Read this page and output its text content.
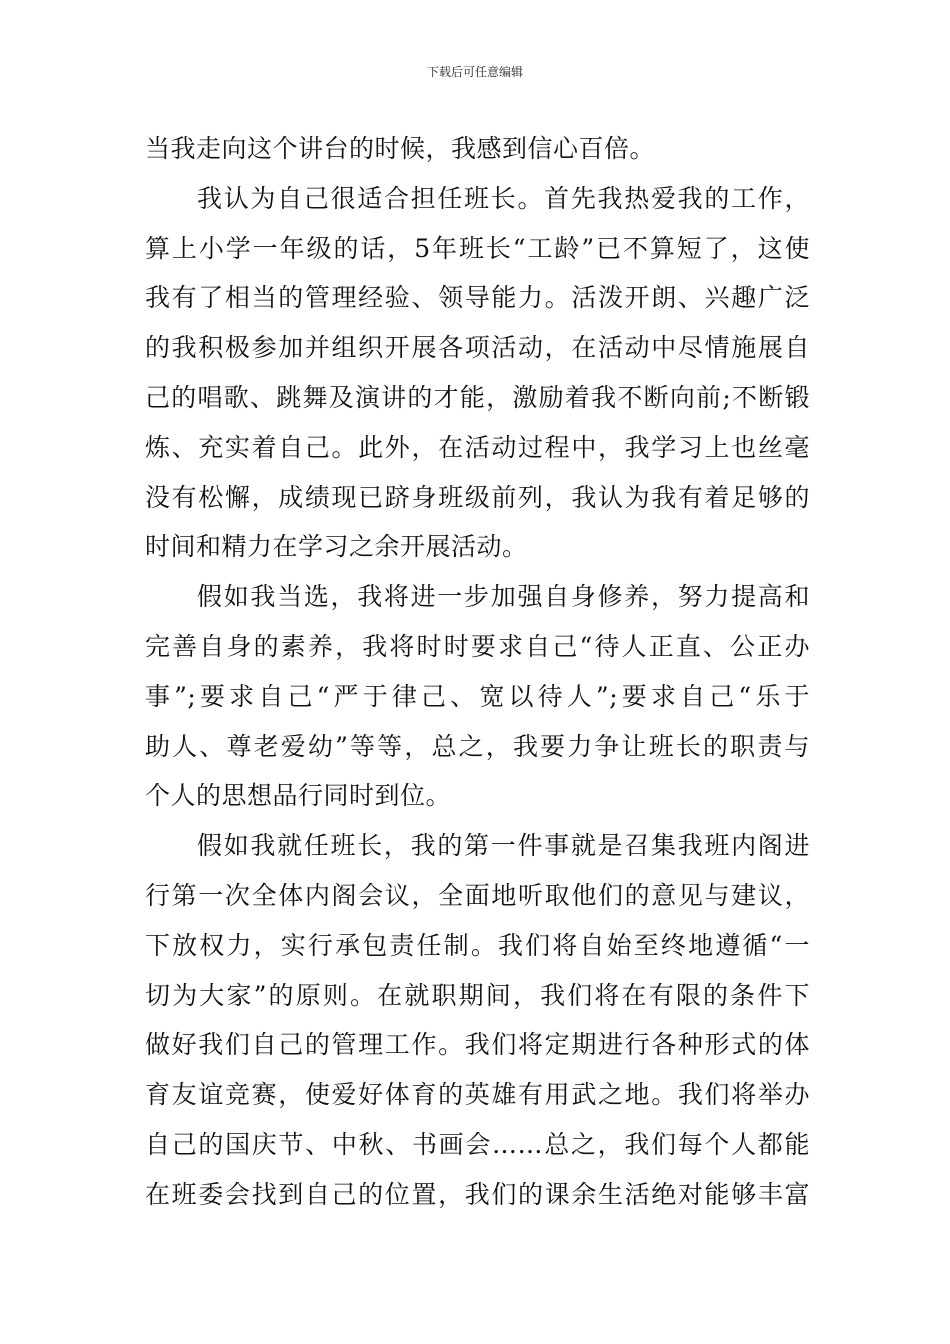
下载后可任意编辑
当我走向这个讲台的时候，我感到信心百倍。
我认为自己很适合担任班长。首先我热爱我的工作，
算上小学一年级的话，5年班长“工龄”已不算短了，这使
我有了相当的管理经验、领导能力。活泼开朗、兴趣广泛
的我积极参加并组织开展各项活动，在活动中尽情施展自
己的唱歌、跳舞及演讲的才能，激励着我不断向前;不断锻
炼、充实着自己。此外，在活动过程中，我学习上也丝毫
没有松懈，成绩现已跻身班级前列，我认为我有着足够的
时间和精力在学习之余开展活动。
假如我当选，我将进一步加强自身修养，努力提高和
完善自身的素养，我将时时要求自己“待人正直、公正办
事”;要求自己“严于律己、宽以待人”;要求自己“乐于
助人、尊老爱幼”等等，总之，我要力争让班长的职责与
个人的思想品行同时到位。
假如我就任班长，我的第一件事就是召集我班内阁进
行第一次全体内阁会议，全面地听取他们的意见与建议，
下放权力，实行承包责任制。我们将自始至终地遵循“一
切为大家”的原则。在就职期间，我们将在有限的条件下
做好我们自己的管理工作。我们将定期进行各种形式的体
育友谊竞赛，使爱好体育的英雄有用武之地。我们将举办
自己的国庆节、中秋、书画会……总之，我们每个人都能
在班委会找到自己的位置，我们的课余生活绝对能够丰富
